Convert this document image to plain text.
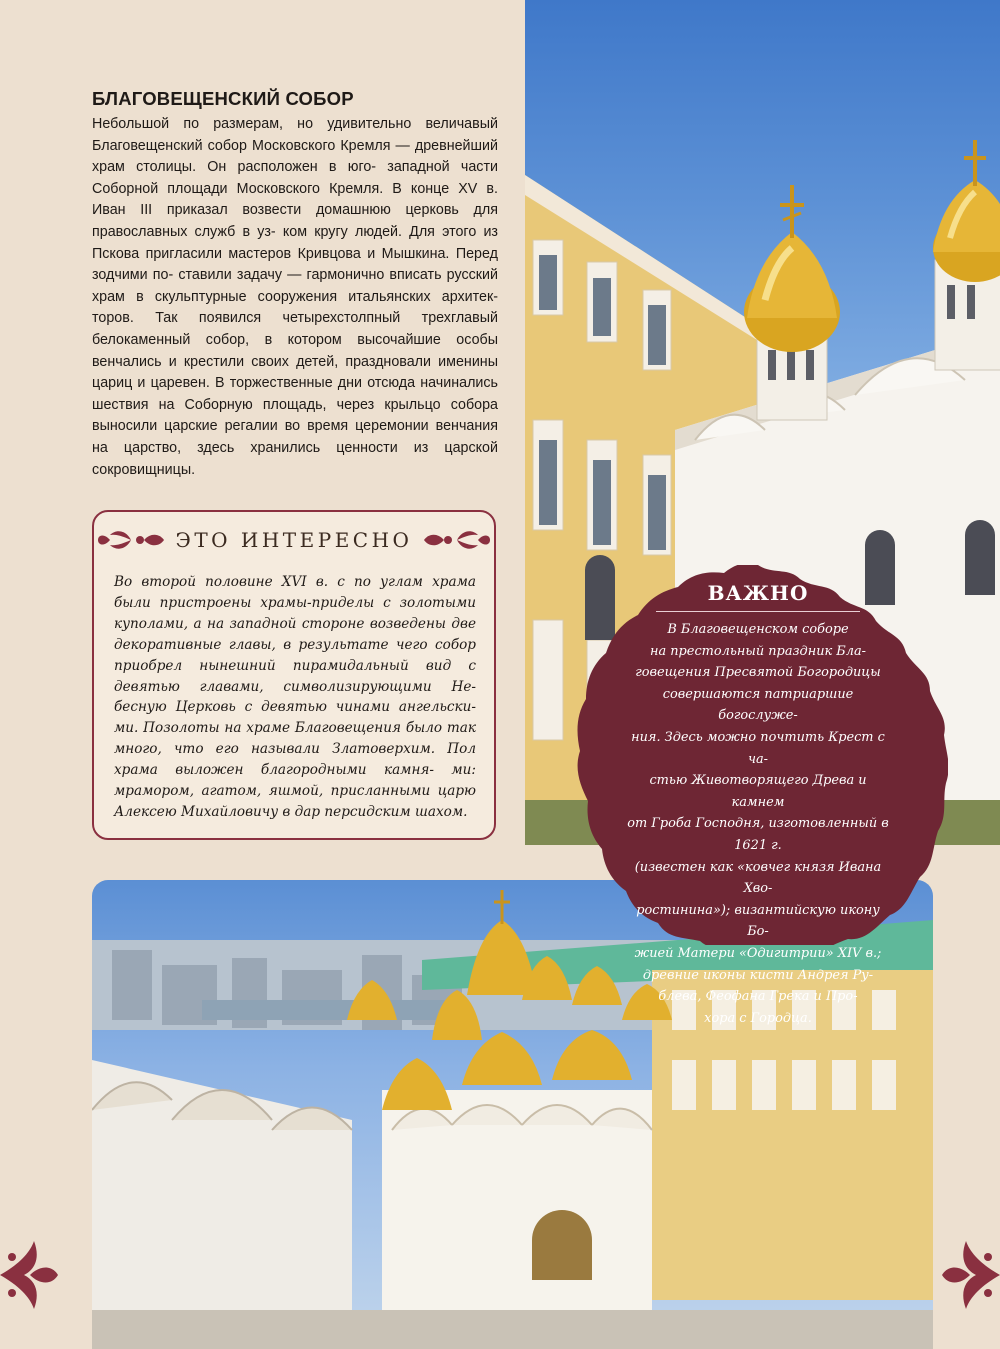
БЛАГОВЕЩЕНСКИЙ СОБОР

Небольшой по размерам, но удивительно величавый Благовещенский собор Московского Кремля — древнейший храм столицы. Он расположен в юго- западной части Соборной площади Московского Кремля. В конце XV в. Иван III приказал возвести домашнюю церковь для православных служб в уз- ком кругу людей. Для этого из Пскова пригласили мастеров Кривцова и Мышкина. Перед зодчими по- ставили задачу — гармонично вписать русский храм в скульптурные сооружения итальянских архитек- торов. Так появился четырехстолпный трехглавый белокаменный собор, в котором высочайшие особы венчались и крестили своих детей, праздновали именины цариц и царевен. В торжественные дни отсюда начинались шествия на Соборную площадь, через крыльцо собора выносили царские регалии во время церемонии венчания на царство, здесь хранились ценности из царской сокровищницы.

ЭТО ИНТЕРЕСНО

Во второй половине XVI в. с по углам храма были пристроены храмы-приделы с золотыми куполами, а на западной стороне возведены две декоративные главы, в результате чего собор приобрел нынешний пирамидальный вид с девятью главами, символизирующими Не- бесную Церковь с девятью чинами ангельски- ми. Позолоты на храме Благовещения было так много, что его называли Златоверхим. Пол храма выложен благородными камня- ми: мрамором, агатом, яшмой, присланными царю Алексею Михайловичу в дар персидским шахом.

ВАЖНО

В Благовещенском соборе
на престольный праздник Бла-
говещения Пресвятой Богородицы
совершаются патриаршие богослуже-
ния. Здесь можно почтить Крест с ча-
стью Животворящего Древа и камнем
от Гроба Господня, изготовленный в 1621 г.
(известен как «ковчег князя Ивана Хво-
ростинина»); византийскую икону Бо-
жией Матери «Одигитрии» XIV в.;
древние иконы кисти Андрея Ру-
блева, Феофана Грека и Про-
хора с Городца.
